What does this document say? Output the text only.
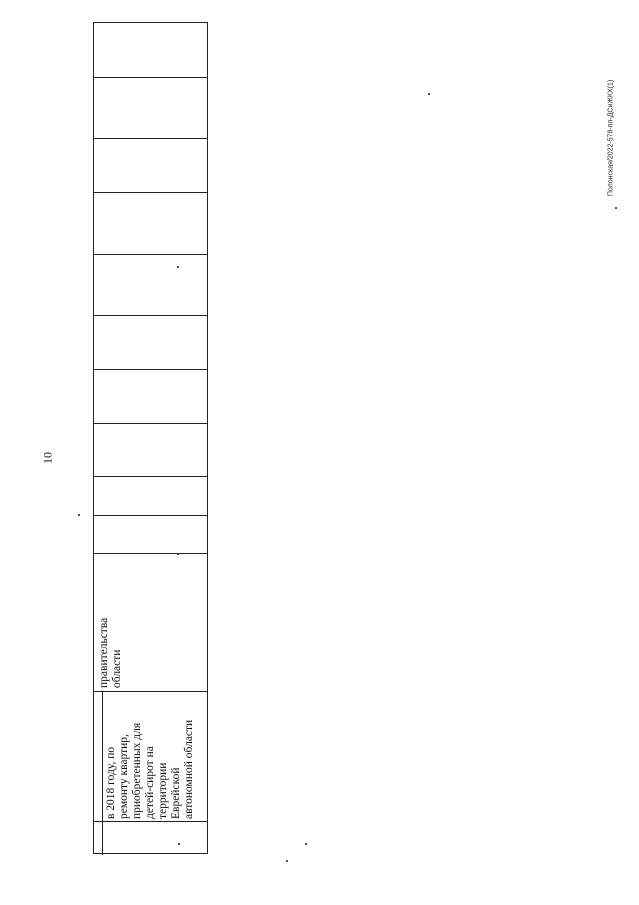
10
правительства области
в 2018 году, по
ремонту квартир,
приобретенных для
детей-сирот на
территории
Еврейской
автономной области
Полонская/2022-578-пп-ДСиЖКХ(1)
